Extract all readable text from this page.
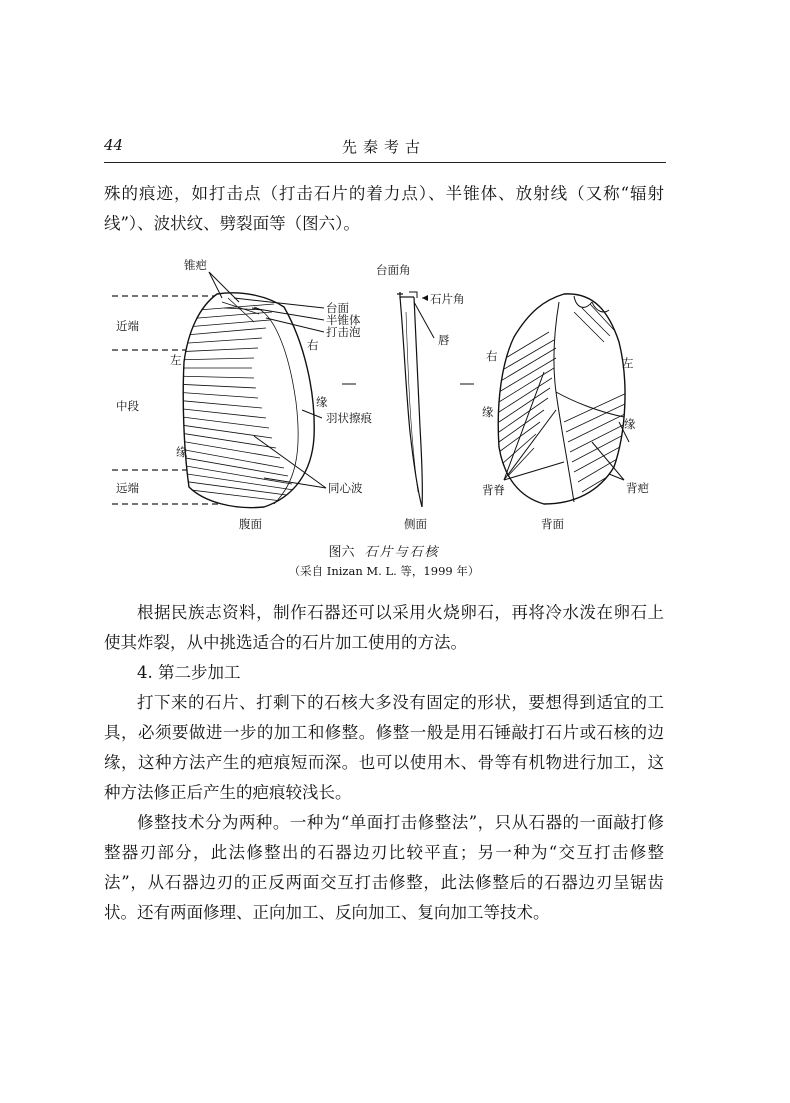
44	先秦考古
殊的痕迹，如打击点（打击石片的着力点）、半锥体、放射线（又称“辐射线”）、波状纹、劈裂面等（图六）。
锥疤	台面角
台面
石片角
半锥体
打击泡
唇
近端
中段
远端
左
缘
右
缘
羽状擦痕
同心波
右
缘
左
缘
背脊	背疤
腹面	侧面	背面
图六 石片与石核
（采自 Inizan M. L. 等，1999 年）
根据民族志资料，制作石器还可以采用火烧卵石，再将冷水泼在卵石上使其炸裂，从中挑选适合的石片加工使用的方法。
4. 第二步加工
打下来的石片、打剩下的石核大多没有固定的形状，要想得到适宜的工具，必须要做进一步的加工和修整。修整一般是用石锤敲打石片或石核的边缘，这种方法产生的疤痕短而深。也可以使用木、骨等有机物进行加工，这种方法修正后产生的疤痕较浅长。
修整技术分为两种。一种为“单面打击修整法”，只从石器的一面敲打修整器刃部分，此法修整出的石器边刃比较平直；另一种为“交互打击修整法”，从石器边刃的正反两面交互打击修整，此法修整后的石器边刃呈锯齿状。还有两面修理、正向加工、反向加工、复向加工等技术。
